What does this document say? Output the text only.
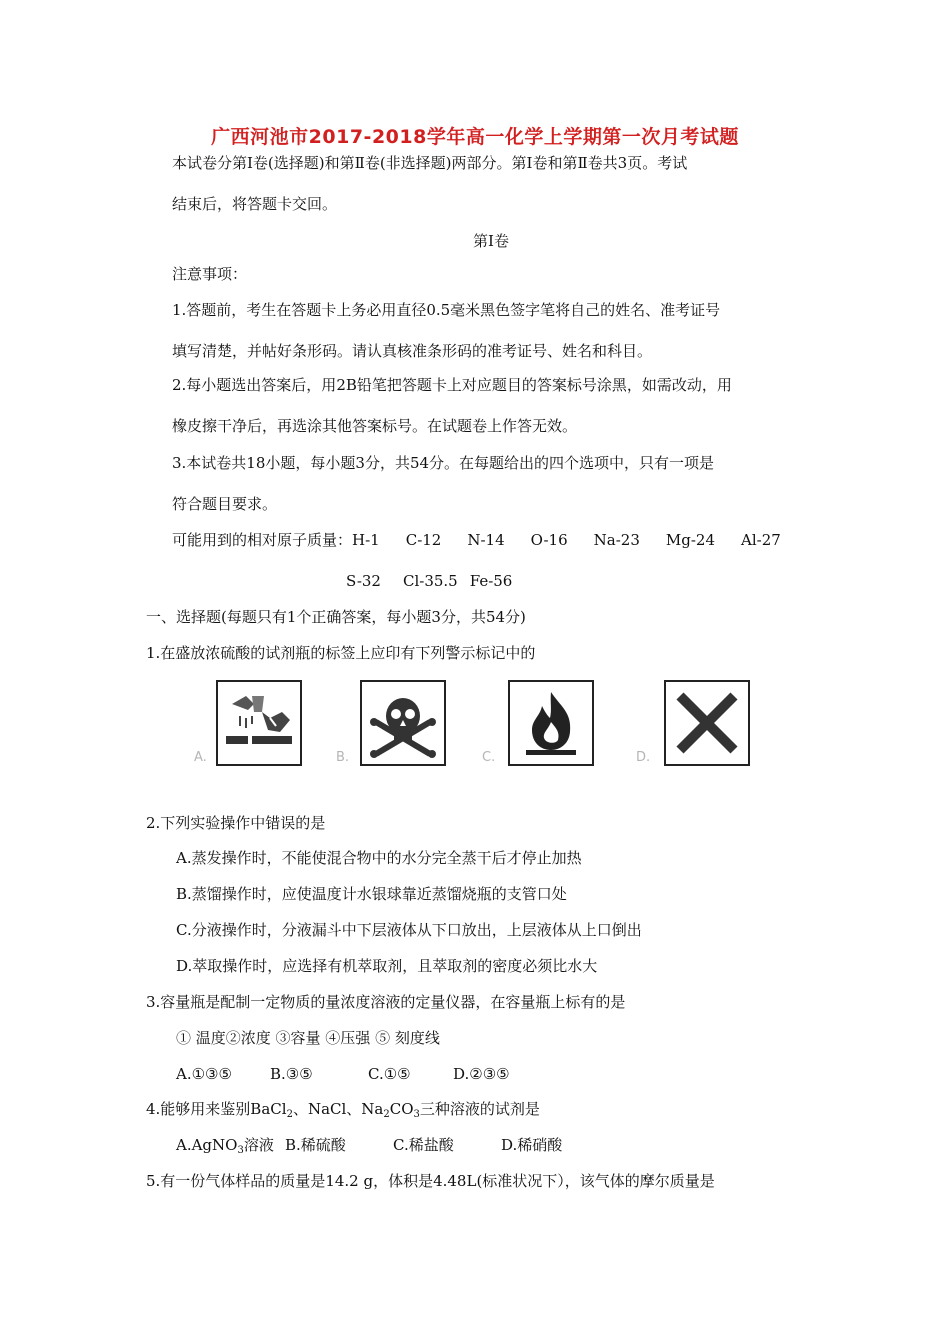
广西河池市2017-2018学年高一化学上学期第一次月考试题
本试卷分第Ⅰ卷(选择题)和第Ⅱ卷(非选择题)两部分。第Ⅰ卷和第Ⅱ卷共3页。考试
结束后，将答题卡交回。
第Ⅰ卷
注意事项：
1.答题前，考生在答题卡上务必用直径0.5毫米黑色签字笔将自己的姓名、准考证号
填写清楚，并帖好条形码。请认真核准条形码的准考证号、姓名和科目。
2.每小题选出答案后，用2B铅笔把答题卡上对应题目的答案标号涂黑，如需改动，用
橡皮擦干净后，再选涂其他答案标号。在试题卷上作答无效。
3.本试卷共18小题，每小题3分，共54分。在每题给出的四个选项中，只有一项是
符合题目要求。
可能用到的相对原子质量：H-1 C-12 N-14 O-16 Na-23 Mg-24 Al-27
S-32 Cl-35.5 Fe-56
一、选择题(每题只有1个正确答案，每小题3分，共54分)
1.在盛放浓硫酸的试剂瓶的标签上应印有下列警示标记中的
A.	B.	C.	D.
2.下列实验操作中错误的是
A.蒸发操作时，不能使混合物中的水分完全蒸干后才停止加热
B.蒸馏操作时，应使温度计水银球靠近蒸馏烧瓶的支管口处
C.分液操作时，分液漏斗中下层液体从下口放出，上层液体从上口倒出
D.萃取操作时，应选择有机萃取剂，且萃取剂的密度必须比水大
3.容量瓶是配制一定物质的量浓度溶液的定量仪器，在容量瓶上标有的是
① 温度②浓度 ③容量 ④压强 ⑤ 刻度线
A.①③⑤	B.③⑤	C.①⑤	D.②③⑤
4.能够用来鉴别BaCl$_2$、NaCl、$Na_2CO_3$三种溶液的试剂是
A.AgNO$_3$溶液 B.稀硫酸	C.稀盐酸	D.稀硝酸
5.有一份气体样品的质量是14.2 g，体积是4.48L(标准状况下），该气体的摩尔质量是
